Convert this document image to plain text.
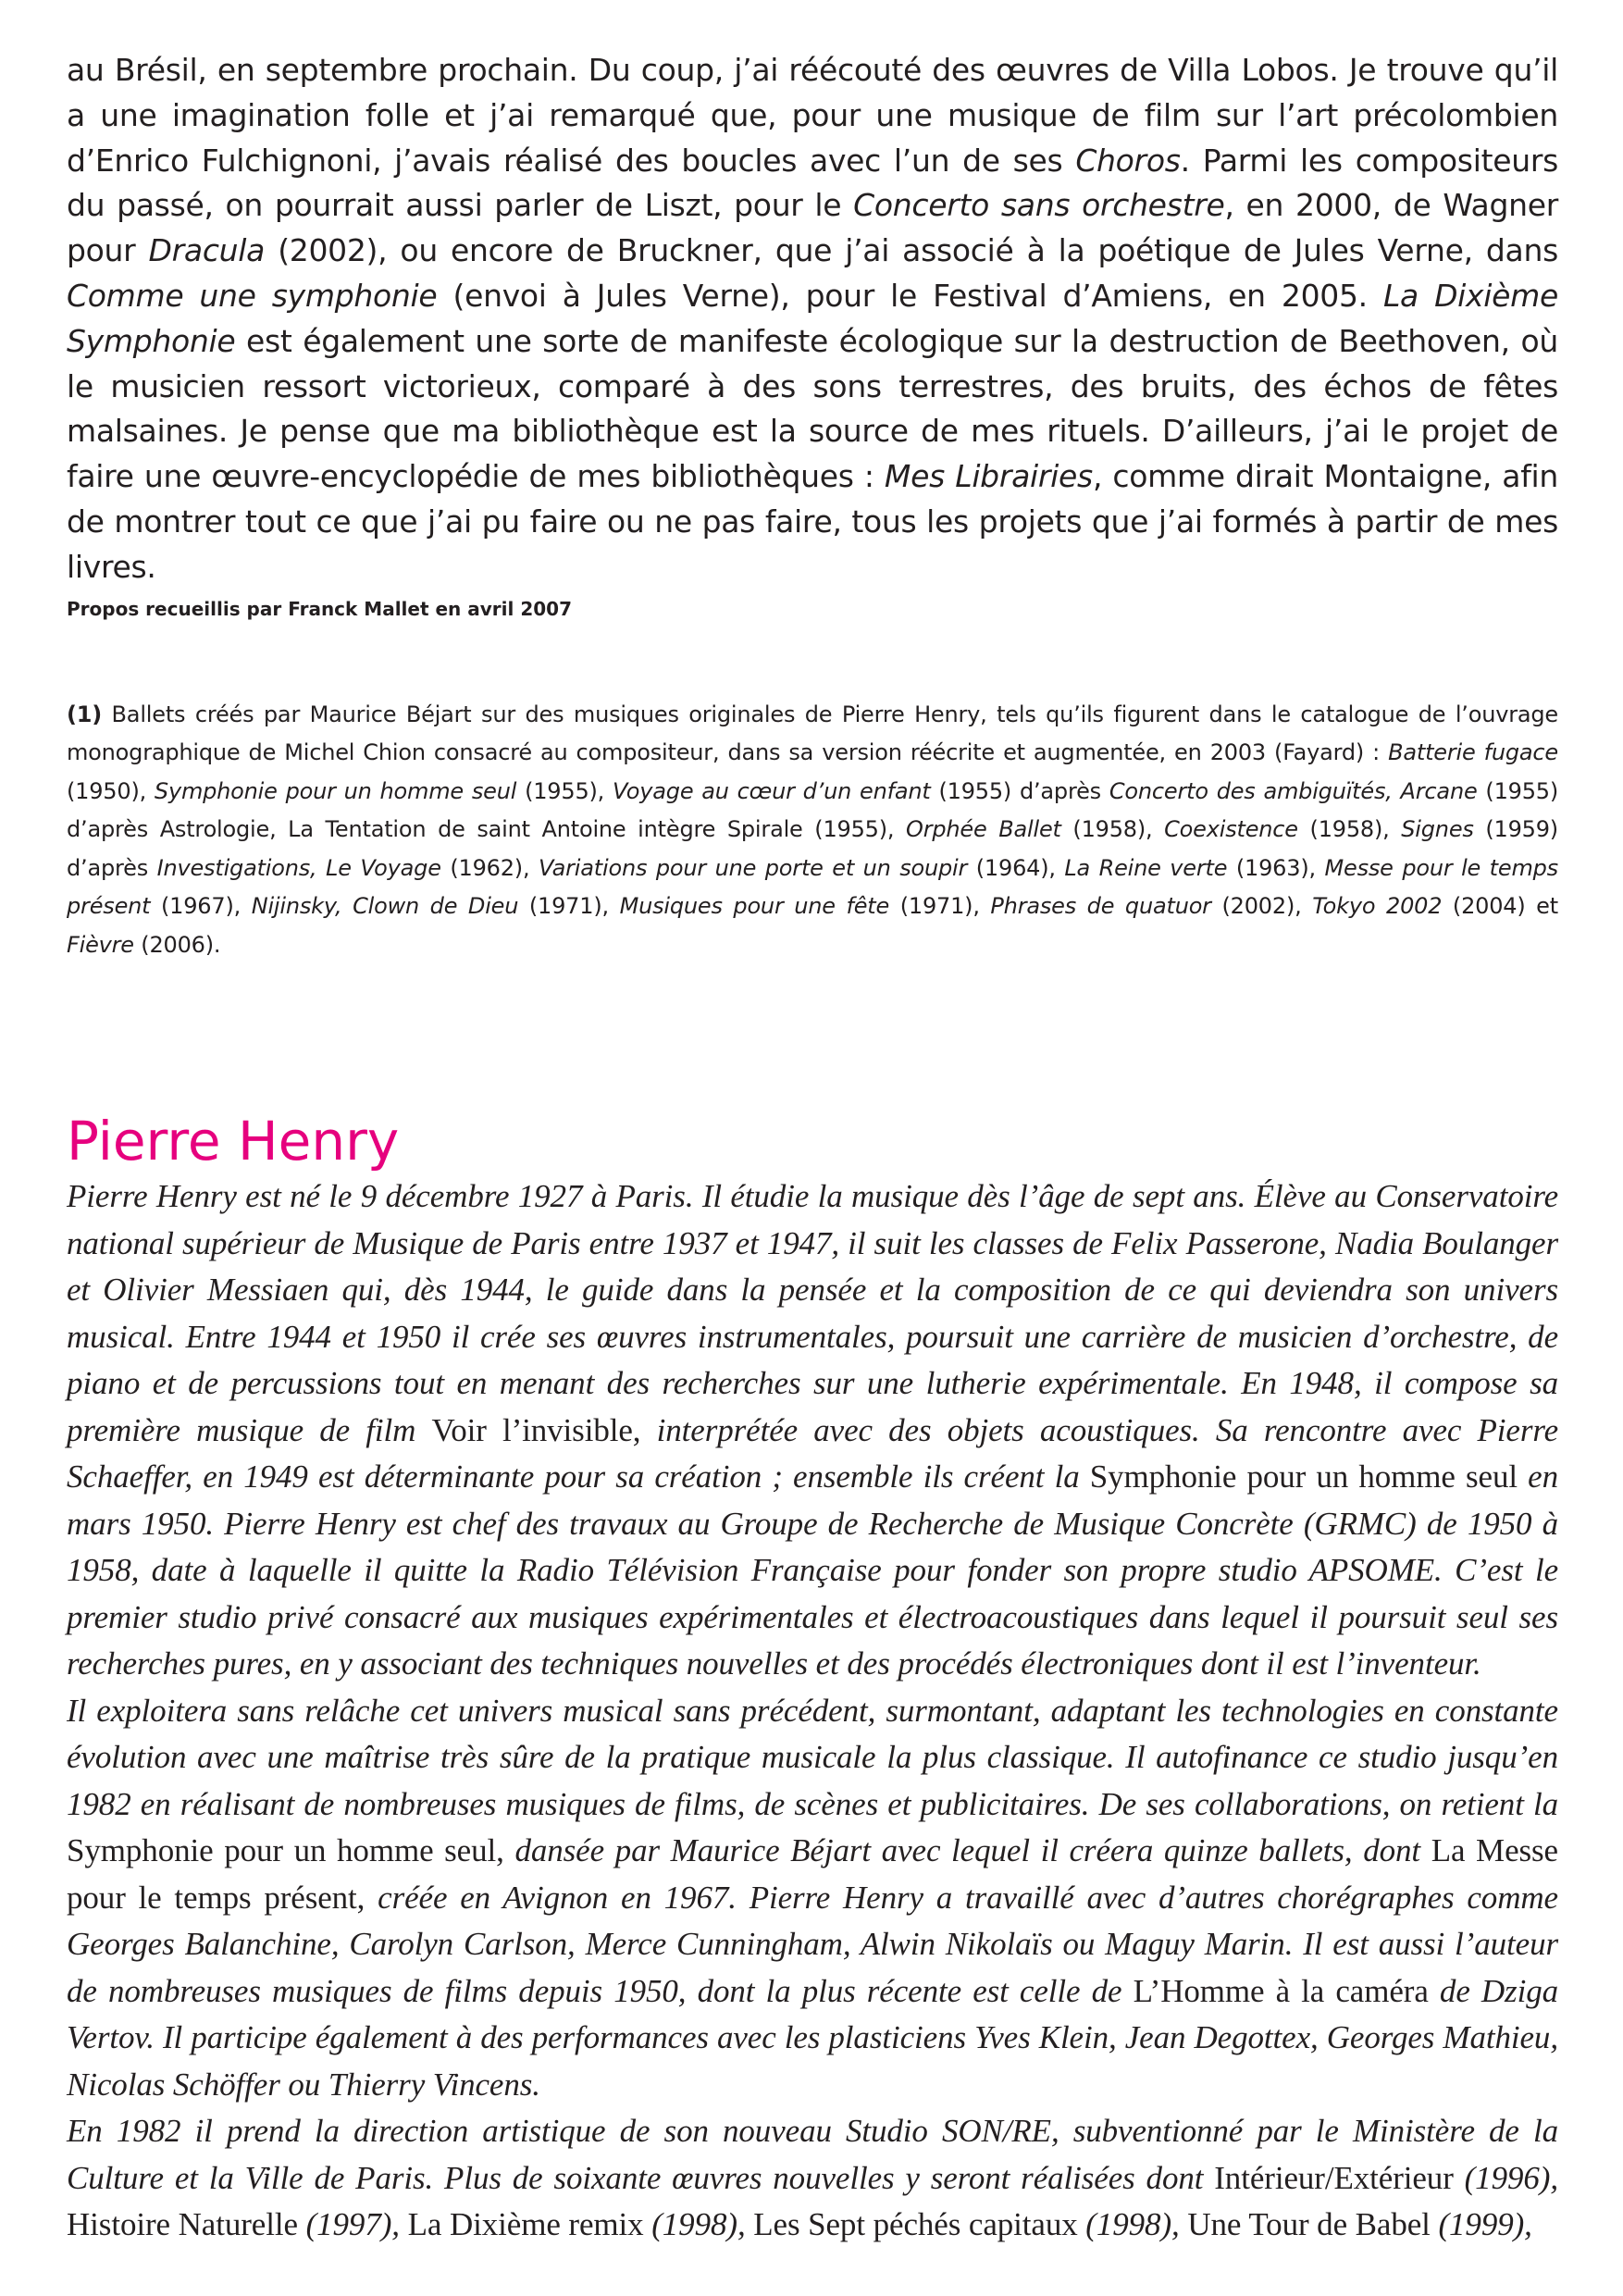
au Brésil, en septembre prochain. Du coup, j’ai réécouté des œuvres de Villa Lobos. Je trouve qu’il a une imagination folle et j’ai remarqué que, pour une musique de film sur l’art précolombien d’Enrico Fulchignoni, j’avais réalisé des boucles avec l’un de ses Choros. Parmi les compositeurs du passé, on pourrait aussi parler de Liszt, pour le Concerto sans orchestre, en 2000, de Wagner pour Dracula (2002), ou encore de Bruckner, que j’ai associé à la poétique de Jules Verne, dans Comme une symphonie (envoi à Jules Verne), pour le Festival d’Amiens, en 2005. La Dixième Symphonie est également une sorte de manifeste écologique sur la destruction de Beethoven, où le musicien ressort victorieux, comparé à des sons terrestres, des bruits, des échos de fêtes malsaines. Je pense que ma bibliothèque est la source de mes rituels. D’ailleurs, j’ai le projet de faire une œuvre-encyclopédie de mes bibliothèques : Mes Librairies, comme dirait Montaigne, afin de montrer tout ce que j’ai pu faire ou ne pas faire, tous les projets que j’ai formés à partir de mes livres.

Propos recueillis par Franck Mallet en avril 2007

(1) Ballets créés par Maurice Béjart sur des musiques originales de Pierre Henry, tels qu’ils figurent dans le catalogue de l’ouvrage monographique de Michel Chion consacré au compositeur, dans sa version réécrite et augmentée, en 2003 (Fayard) : Batterie fugace (1950), Symphonie pour un homme seul (1955), Voyage au cœur d’un enfant (1955) d’après Concerto des ambiguïtés, Arcane (1955) d’après Astrologie, La Tentation de saint Antoine intègre Spirale (1955), Orphée Ballet (1958), Coexistence (1958), Signes (1959) d’après Investigations, Le Voyage (1962), Variations pour une porte et un soupir (1964), La Reine verte (1963), Messe pour le temps présent (1967), Nijinsky, Clown de Dieu (1971), Musiques pour une fête (1971), Phrases de quatuor (2002), Tokyo 2002 (2004) et Fièvre (2006).

Pierre Henry

Pierre Henry est né le 9 décembre 1927 à Paris. Il étudie la musique dès l’âge de sept ans. Élève au Conservatoire national supérieur de Musique de Paris entre 1937 et 1947, il suit les classes de Felix Passerone, Nadia Boulanger et Olivier Messiaen qui, dès 1944, le guide dans la pensée et la composition de ce qui deviendra son univers musical. Entre 1944 et 1950 il crée ses œuvres instrumentales, poursuit une carrière de musicien d’orchestre, de piano et de percussions tout en menant des recherches sur une lutherie expérimentale. En 1948, il compose sa première musique de film Voir l’invisible, interprétée avec des objets acoustiques. Sa rencontre avec Pierre Schaeffer, en 1949 est déterminante pour sa création ; ensemble ils créent la Symphonie pour un homme seul en mars 1950. Pierre Henry est chef des travaux au Groupe de Recherche de Musique Concrète (GRMC) de 1950 à 1958, date à laquelle il quitte la Radio Télévision Française pour fonder son propre studio APSOME. C’est le premier studio privé consacré aux musiques expérimentales et électroacoustiques dans lequel il poursuit seul ses recherches pures, en y associant des techniques nouvelles et des procédés électroniques dont il est l’inventeur.

Il exploitera sans relâche cet univers musical sans précédent, surmontant, adaptant les technologies en constante évolution avec une maîtrise très sûre de la pratique musicale la plus classique. Il autofinance ce studio jusqu’en 1982 en réalisant de nombreuses musiques de films, de scènes et publicitaires. De ses collaborations, on retient la Symphonie pour un homme seul, dansée par Maurice Béjart avec lequel il créera quinze ballets, dont La Messe pour le temps présent, créée en Avignon en 1967. Pierre Henry a travaillé avec d’autres chorégraphes comme Georges Balanchine, Carolyn Carlson, Merce Cunningham, Alwin Nikolaïs ou Maguy Marin. Il est aussi l’auteur de nombreuses musiques de films depuis 1950, dont la plus récente est celle de L’Homme à la caméra de Dziga Vertov. Il participe également à des performances avec les plasticiens Yves Klein, Jean Degottex, Georges Mathieu, Nicolas Schöffer ou Thierry Vincens.

En 1982 il prend la direction artistique de son nouveau Studio SON/RE, subventionné par le Ministère de la Culture et la Ville de Paris. Plus de soixante œuvres nouvelles y seront réalisées dont Intérieur/Extérieur (1996), Histoire Naturelle (1997), La Dixième remix (1998), Les Sept péchés capitaux (1998), Une Tour de Babel (1999),
